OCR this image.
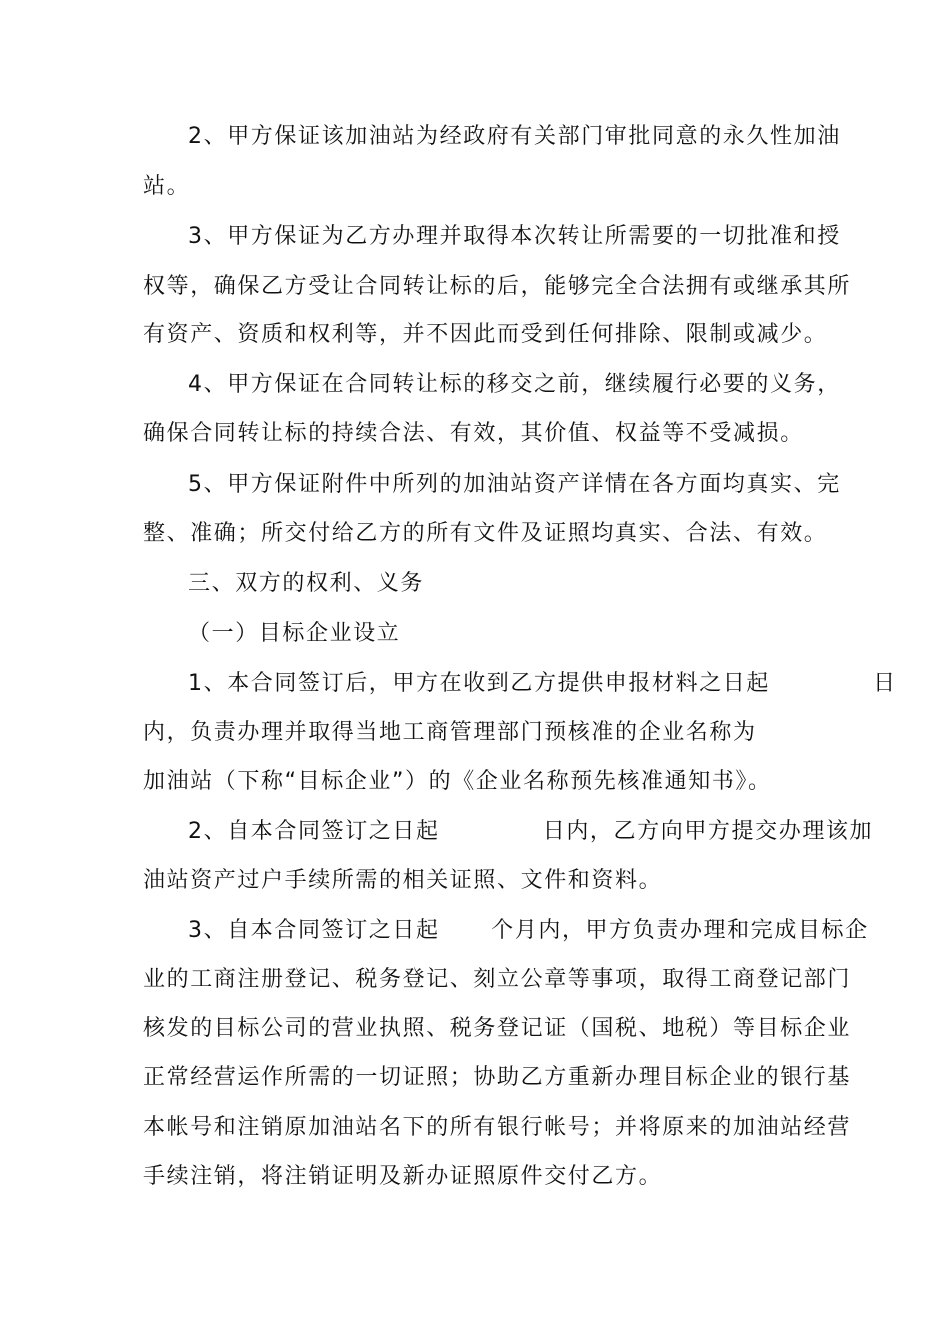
2、甲方保证该加油站为经政府有关部门审批同意的永久性加油
站。
3、甲方保证为乙方办理并取得本次转让所需要的一切批准和授
权等，确保乙方受让合同转让标的后，能够完全合法拥有或继承其所
有资产、资质和权利等，并不因此而受到任何排除、限制或减少。
4、甲方保证在合同转让标的移交之前，继续履行必要的义务，
确保合同转让标的持续合法、有效，其价值、权益等不受减损。
5、甲方保证附件中所列的加油站资产详情在各方面均真实、完
整、准确；所交付给乙方的所有文件及证照均真实、合法、有效。
三、双方的权利、义务
（一）目标企业设立
1、本合同签订后，甲方在收到乙方提供申报材料之日起            日
内，负责办理并取得当地工商管理部门预核准的企业名称为
加油站（下称“目标企业”）的《企业名称预先核准通知书》。
2、自本合同签订之日起            日内，乙方向甲方提交办理该加
油站资产过户手续所需的相关证照、文件和资料。
3、自本合同签订之日起      个月内，甲方负责办理和完成目标企
业的工商注册登记、税务登记、刻立公章等事项，取得工商登记部门
核发的目标公司的营业执照、税务登记证（国税、地税）等目标企业
正常经营运作所需的一切证照；协助乙方重新办理目标企业的银行基
本帐号和注销原加油站名下的所有银行帐号；并将原来的加油站经营
手续注销，将注销证明及新办证照原件交付乙方。
